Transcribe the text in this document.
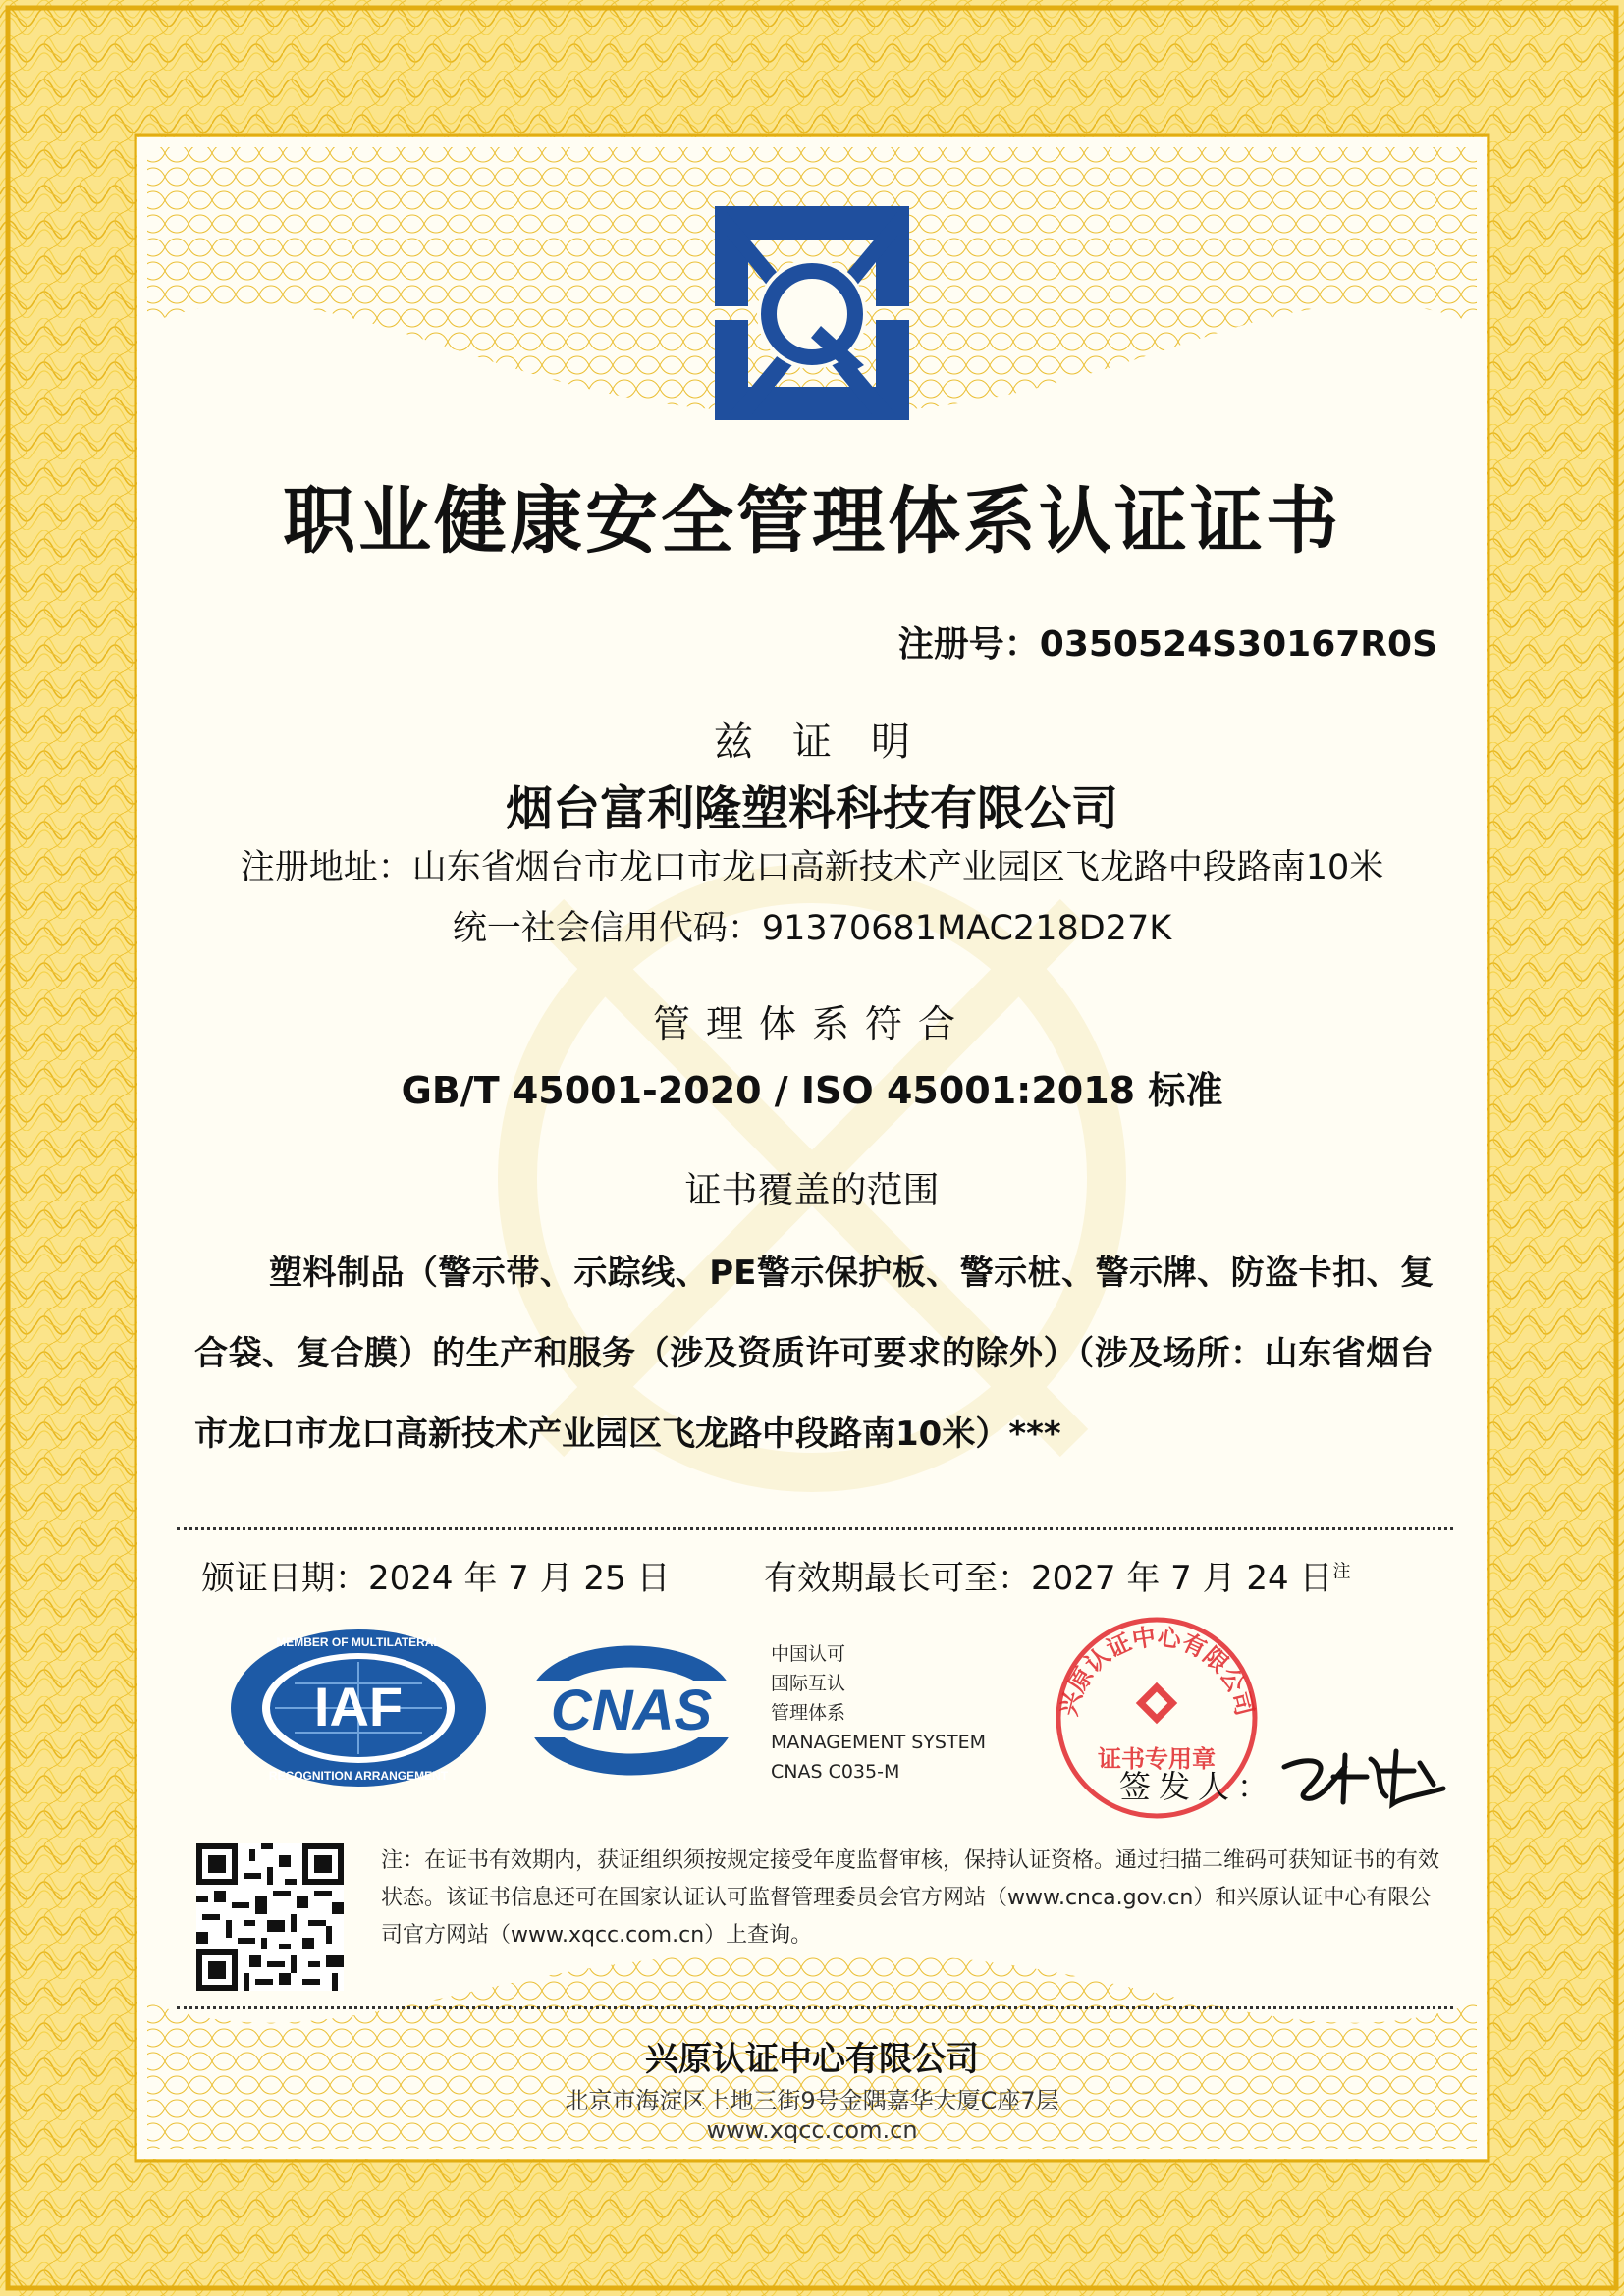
职业健康安全管理体系认证证书
注册号：0350524S30167R0S
兹证明
烟台富利隆塑料科技有限公司
注册地址：山东省烟台市龙口市龙口高新技术产业园区飞龙路中段路南10米
统一社会信用代码：91370681MAC218D27K
管理体系符合
GB/T 45001-2020 / ISO 45001:2018 标准
证书覆盖的范围
塑料制品（警示带、示踪线、PE警示保护板、警示桩、警示牌、防盗卡扣、复合袋、复合膜）的生产和服务（涉及资质许可要求的除外）（涉及场所：山东省烟台市龙口市龙口高新技术产业园区飞龙路中段路南10米）***
颁证日期：2024 年 7 月 25 日	有效期最长可至：2027 年 7 月 24 日$^注$
IAF
MEMBER OF MULTILATERAL
RECOGNITION ARRANGEMENT
CNAS
中国认可
国际互认
管理体系
MANAGEMENT SYSTEM
CNAS C035-M
兴原认证中心有限公司
证书专用章
签发人：
注：在证书有效期内，获证组织须按规定接受年度监督审核，保持认证资格。通过扫描二维码可获知证书的有效状态。该证书信息还可在国家认证认可监督管理委员会官方网站（www.cnca.gov.cn）和兴原认证中心有限公司官方网站（www.xqcc.com.cn）上查询。
兴原认证中心有限公司
北京市海淀区上地三街9号金隅嘉华大厦C座7层
www.xqcc.com.cn
